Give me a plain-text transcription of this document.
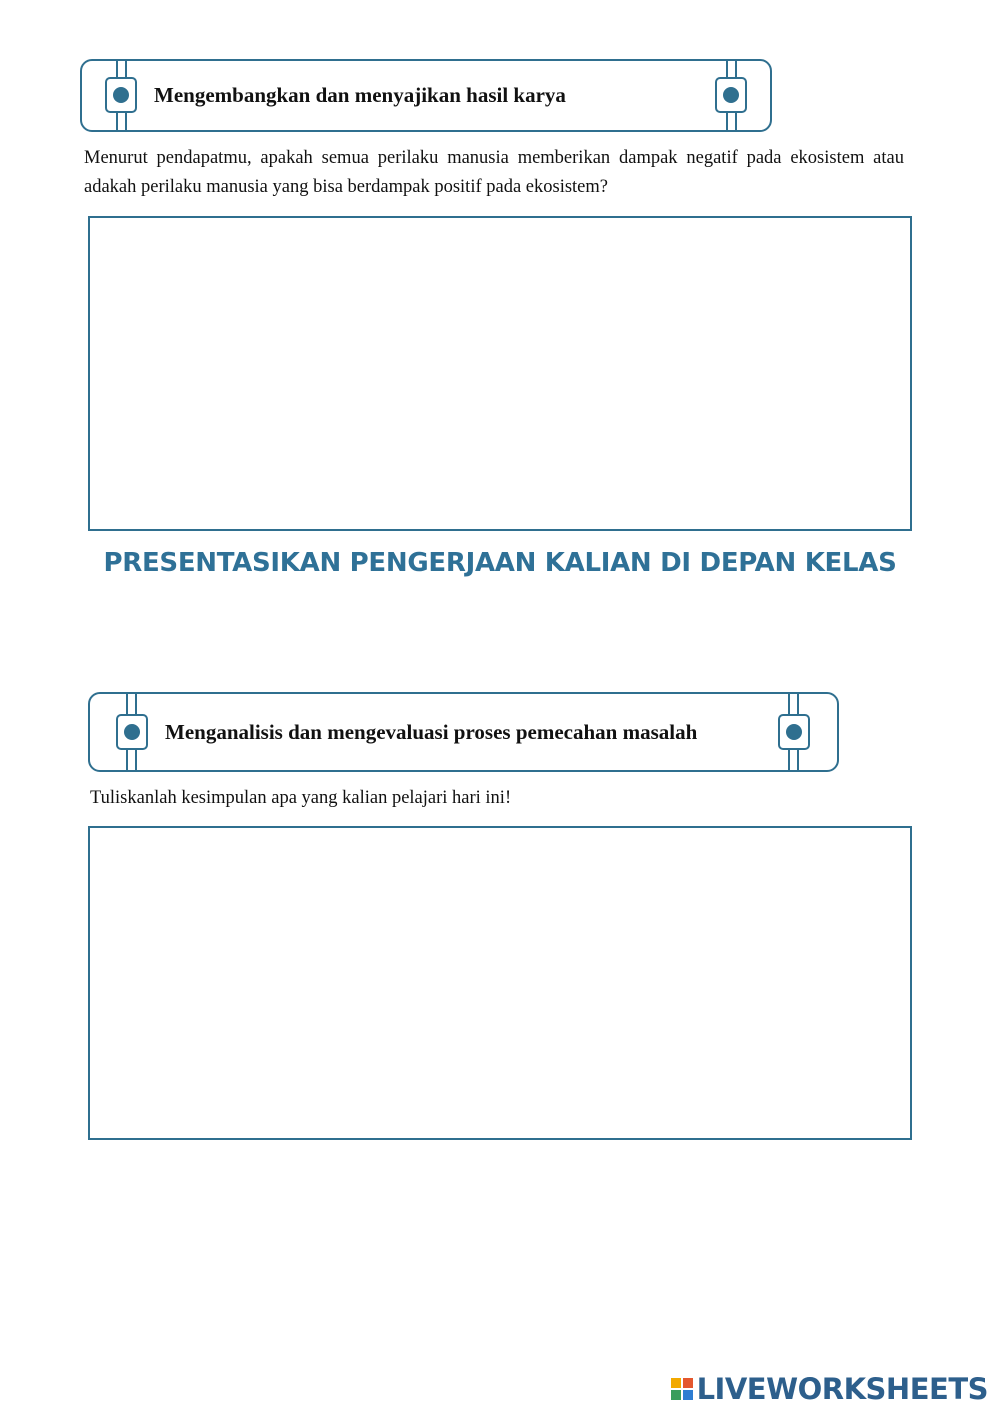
Mengembangkan dan menyajikan hasil karya
Menurut pendapatmu, apakah semua perilaku manusia memberikan dampak negatif pada ekosistem atau adakah perilaku manusia yang bisa berdampak positif pada ekosistem?
PRESENTASIKAN PENGERJAAN KALIAN DI DEPAN KELAS
Menganalisis dan mengevaluasi proses pemecahan masalah
Tuliskanlah kesimpulan apa yang kalian pelajari hari ini!
LIVEWORKSHEETS
